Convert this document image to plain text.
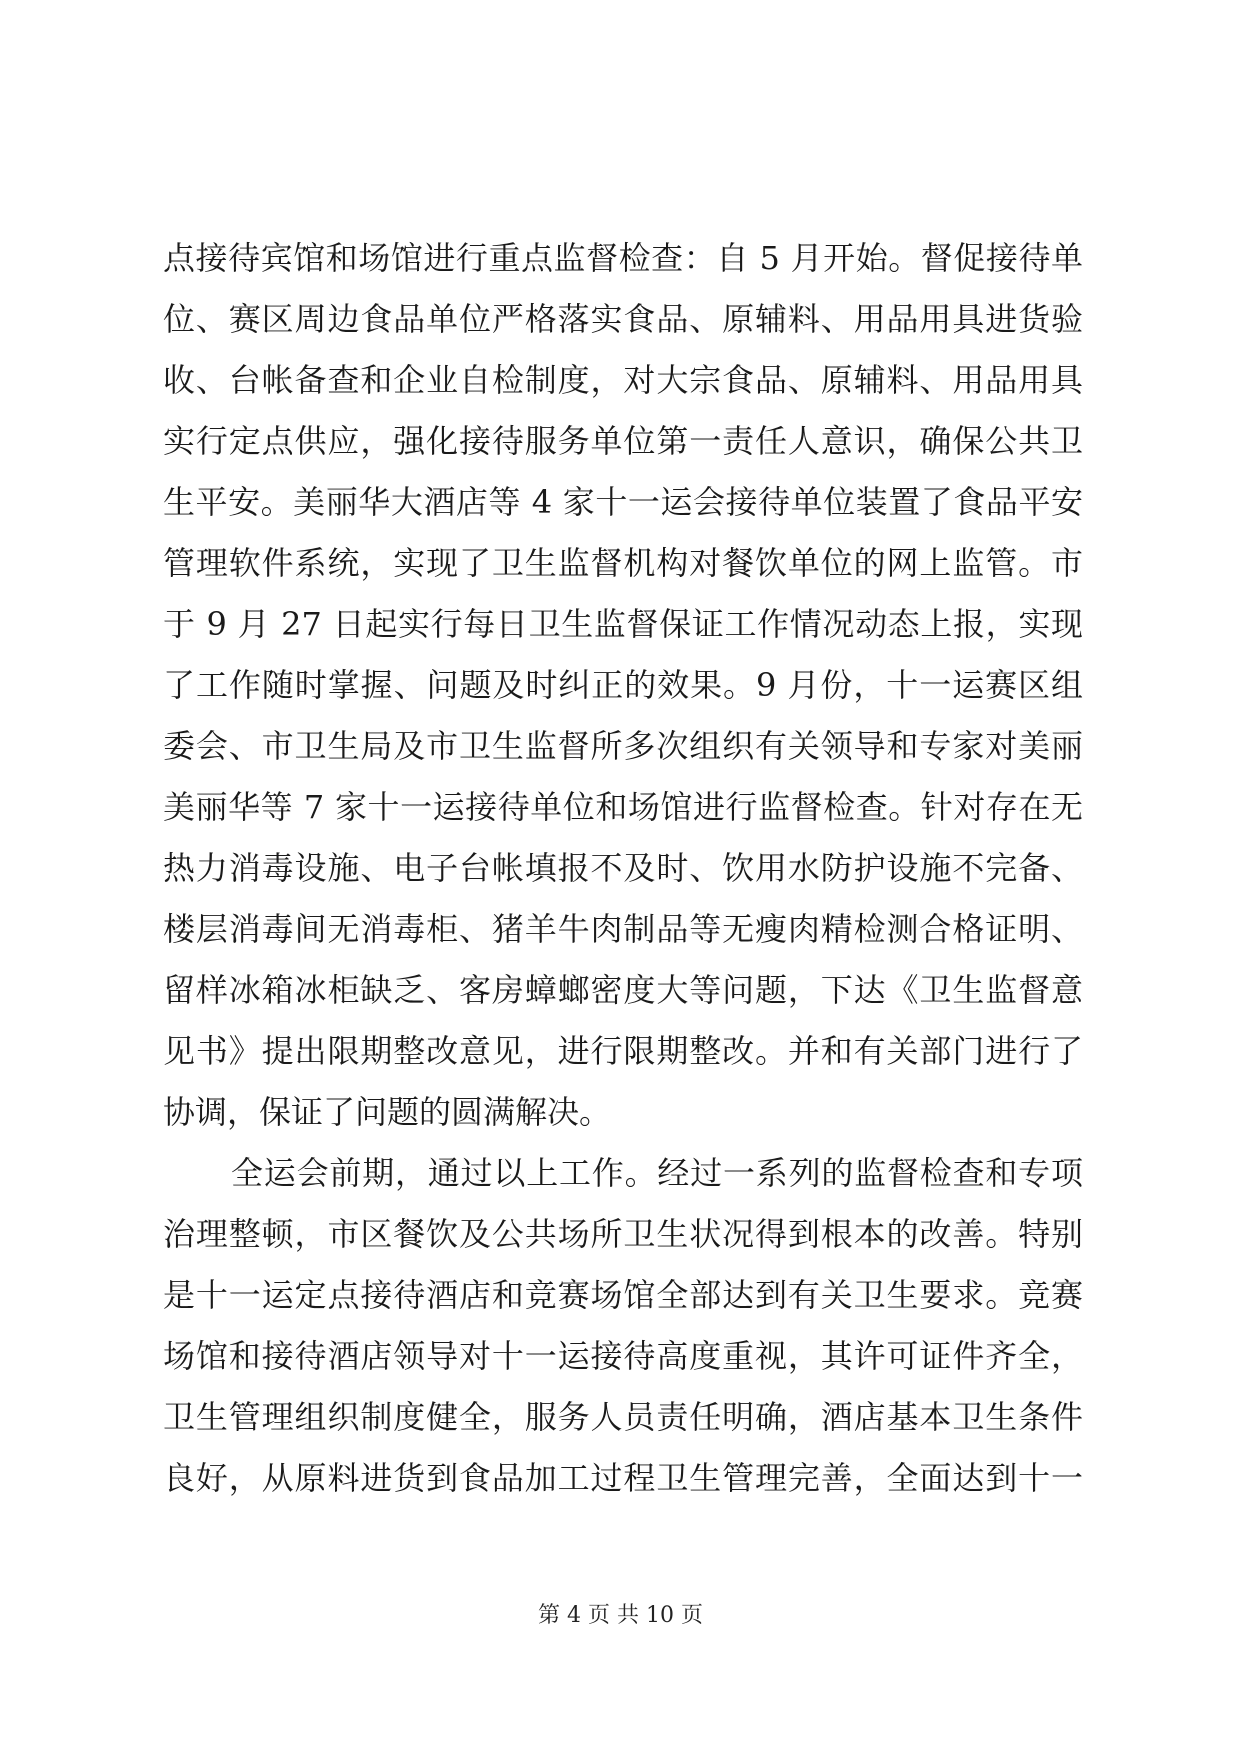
点接待宾馆和场馆进行重点监督检查：自 5 月开始。督促接待单
位、赛区周边食品单位严格落实食品、原辅料、用品用具进货验
收、台帐备查和企业自检制度，对大宗食品、原辅料、用品用具
实行定点供应，强化接待服务单位第一责任人意识，确保公共卫
生平安。美丽华大酒店等 4 家十一运会接待单位装置了食品平安
管理软件系统，实现了卫生监督机构对餐饮单位的网上监管。市
于 9 月 27 日起实行每日卫生监督保证工作情况动态上报，实现
了工作随时掌握、问题及时纠正的效果。9 月份，十一运赛区组
委会、市卫生局及市卫生监督所多次组织有关领导和专家对美丽
美丽华等 7 家十一运接待单位和场馆进行监督检查。针对存在无
热力消毒设施、电子台帐填报不及时、饮用水防护设施不完备、
楼层消毒间无消毒柜、猪羊牛肉制品等无瘦肉精检测合格证明、
留样冰箱冰柜缺乏、客房蟑螂密度大等问题，下达《卫生监督意
见书》提出限期整改意见，进行限期整改。并和有关部门进行了
协调，保证了问题的圆满解决。
全运会前期，通过以上工作。经过一系列的监督检查和专项
治理整顿，市区餐饮及公共场所卫生状况得到根本的改善。特别
是十一运定点接待酒店和竞赛场馆全部达到有关卫生要求。竞赛
场馆和接待酒店领导对十一运接待高度重视，其许可证件齐全，
卫生管理组织制度健全，服务人员责任明确，酒店基本卫生条件
良好，从原料进货到食品加工过程卫生管理完善，全面达到十一
第 4 页 共 10 页
